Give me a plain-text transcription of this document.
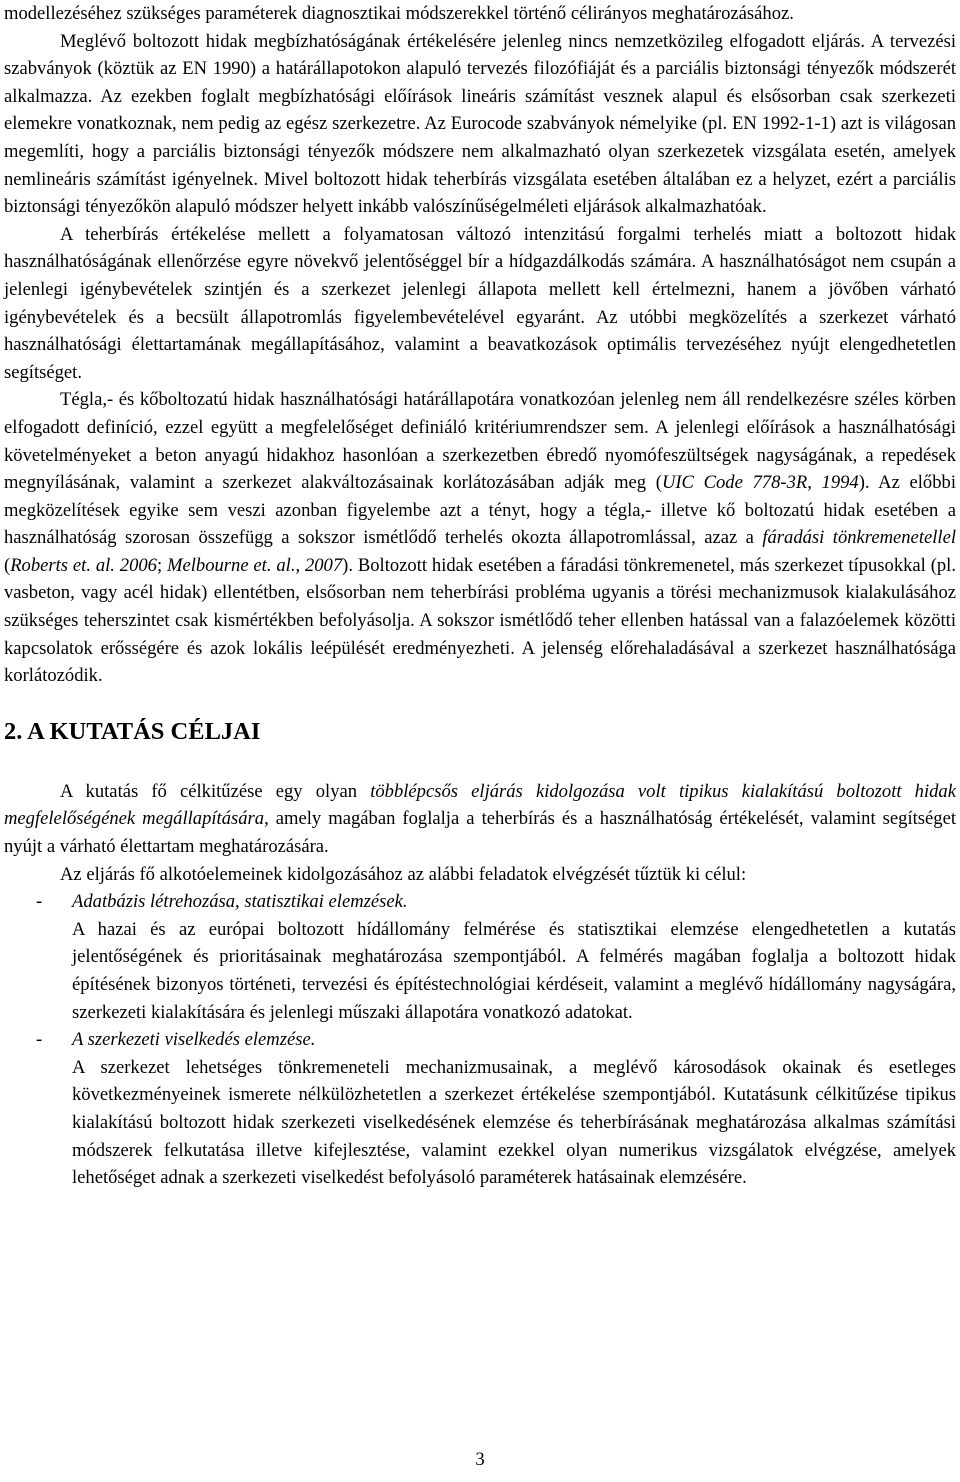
modellezéséhez szükséges paraméterek diagnosztikai módszerekkel történő célirányos meghatározásához.

Meglévő boltozott hidak megbízhatóságának értékelésére jelenleg nincs nemzetközileg elfogadott eljárás. A tervezési szabványok (köztük az EN 1990) a határállapotokon alapuló tervezés filozófiáját és a parciális biztonsági tényezők módszerét alkalmazza. Az ezekben foglalt megbízhatósági előírások lineáris számítást vesznek alapul és elsősorban csak szerkezeti elemekre vonatkoznak, nem pedig az egész szerkezetre. Az Eurocode szabványok némelyike (pl. EN 1992-1-1) azt is világosan megemlíti, hogy a parciális biztonsági tényezők módszere nem alkalmazható olyan szerkezetek vizsgálata esetén, amelyek nemlineáris számítást igényelnek. Mivel boltozott hidak teherbírás vizsgálata esetében általában ez a helyzet, ezért a parciális biztonsági tényezőkön alapuló módszer helyett inkább valószínűségelméleti eljárások alkalmazhatóak.

A teherbírás értékelése mellett a folyamatosan változó intenzitású forgalmi terhelés miatt a boltozott hidak használhatóságának ellenőrzése egyre növekvő jelentőséggel bír a hídgazdálkodás számára. A használhatóságot nem csupán a jelenlegi igénybevételek szintjén és a szerkezet jelenlegi állapota mellett kell értelmezni, hanem a jövőben várható igénybevételek és a becsült állapotromlás figyelembevételével egyaránt. Az utóbbi megközelítés a szerkezet várható használhatósági élettartamának megállapításához, valamint a beavatkozások optimális tervezéséhez nyújt elengedhetetlen segítséget.

Tégla,- és kőboltozatú hidak használhatósági határállapotára vonatkozóan jelenleg nem áll rendelkezésre széles körben elfogadott definíció, ezzel együtt a megfelelőséget definiáló kritériumrendszer sem. A jelenlegi előírások a használhatósági követelményeket a beton anyagú hidakhoz hasonlóan a szerkezetben ébredő nyomófeszültségek nagyságának, a repedések megnyílásának, valamint a szerkezet alakváltozásainak korlátozásában adják meg (UIC Code 778-3R, 1994). Az előbbi megközelítések egyike sem veszi azonban figyelembe azt a tényt, hogy a tégla,- illetve kő boltozatú hidak esetében a használhatóság szorosan összefügg a sokszor ismétlődő terhelés okozta állapotromlással, azaz a fáradási tönkremenetellel (Roberts et. al. 2006; Melbourne et. al., 2007). Boltozott hidak esetében a fáradási tönkremenetel, más szerkezet típusokkal (pl. vasbeton, vagy acél hidak) ellentétben, elsősorban nem teherbírási probléma ugyanis a törési mechanizmusok kialakulásához szükséges teherszintet csak kismértékben befolyásolja. A sokszor ismétlődő teher ellenben hatással van a falazóelemek közötti kapcsolatok erősségére és azok lokális leépülését eredményezheti. A jelenség előrehaladásával a szerkezet használhatósága korlátozódik.

2. A KUTATÁS CÉLJAI

A kutatás fő célkitűzése egy olyan többlépcsős eljárás kidolgozása volt tipikus kialakítású boltozott hidak megfelelőségének megállapítására, amely magában foglalja a teherbírás és a használhatóság értékelését, valamint segítséget nyújt a várható élettartam meghatározására.

Az eljárás fő alkotóelemeinek kidolgozásához az alábbi feladatok elvégzését tűztük ki célul:

- Adatbázis létrehozása, statisztikai elemzések.

A hazai és az európai boltozott hídállomány felmérése és statisztikai elemzése elengedhetetlen a kutatás jelentőségének és prioritásainak meghatározása szempontjából. A felmérés magában foglalja a boltozott hidak építésének bizonyos történeti, tervezési és építéstechnológiai kérdéseit, valamint a meglévő hídállomány nagyságára, szerkezeti kialakítására és jelenlegi műszaki állapotára vonatkozó adatokat.

- A szerkezeti viselkedés elemzése.

A szerkezet lehetséges tönkremeneteli mechanizmusainak, a meglévő károsodások okainak és esetleges következményeinek ismerete nélkülözhetetlen a szerkezet értékelése szempontjából. Kutatásunk célkitűzése tipikus kialakítású boltozott hidak szerkezeti viselkedésének elemzése és teherbírásának meghatározása alkalmas számítási módszerek felkutatása illetve kifejlesztése, valamint ezekkel olyan numerikus vizsgálatok elvégzése, amelyek lehetőséget adnak a szerkezeti viselkedést befolyásoló paraméterek hatásainak elemzésére.

3
